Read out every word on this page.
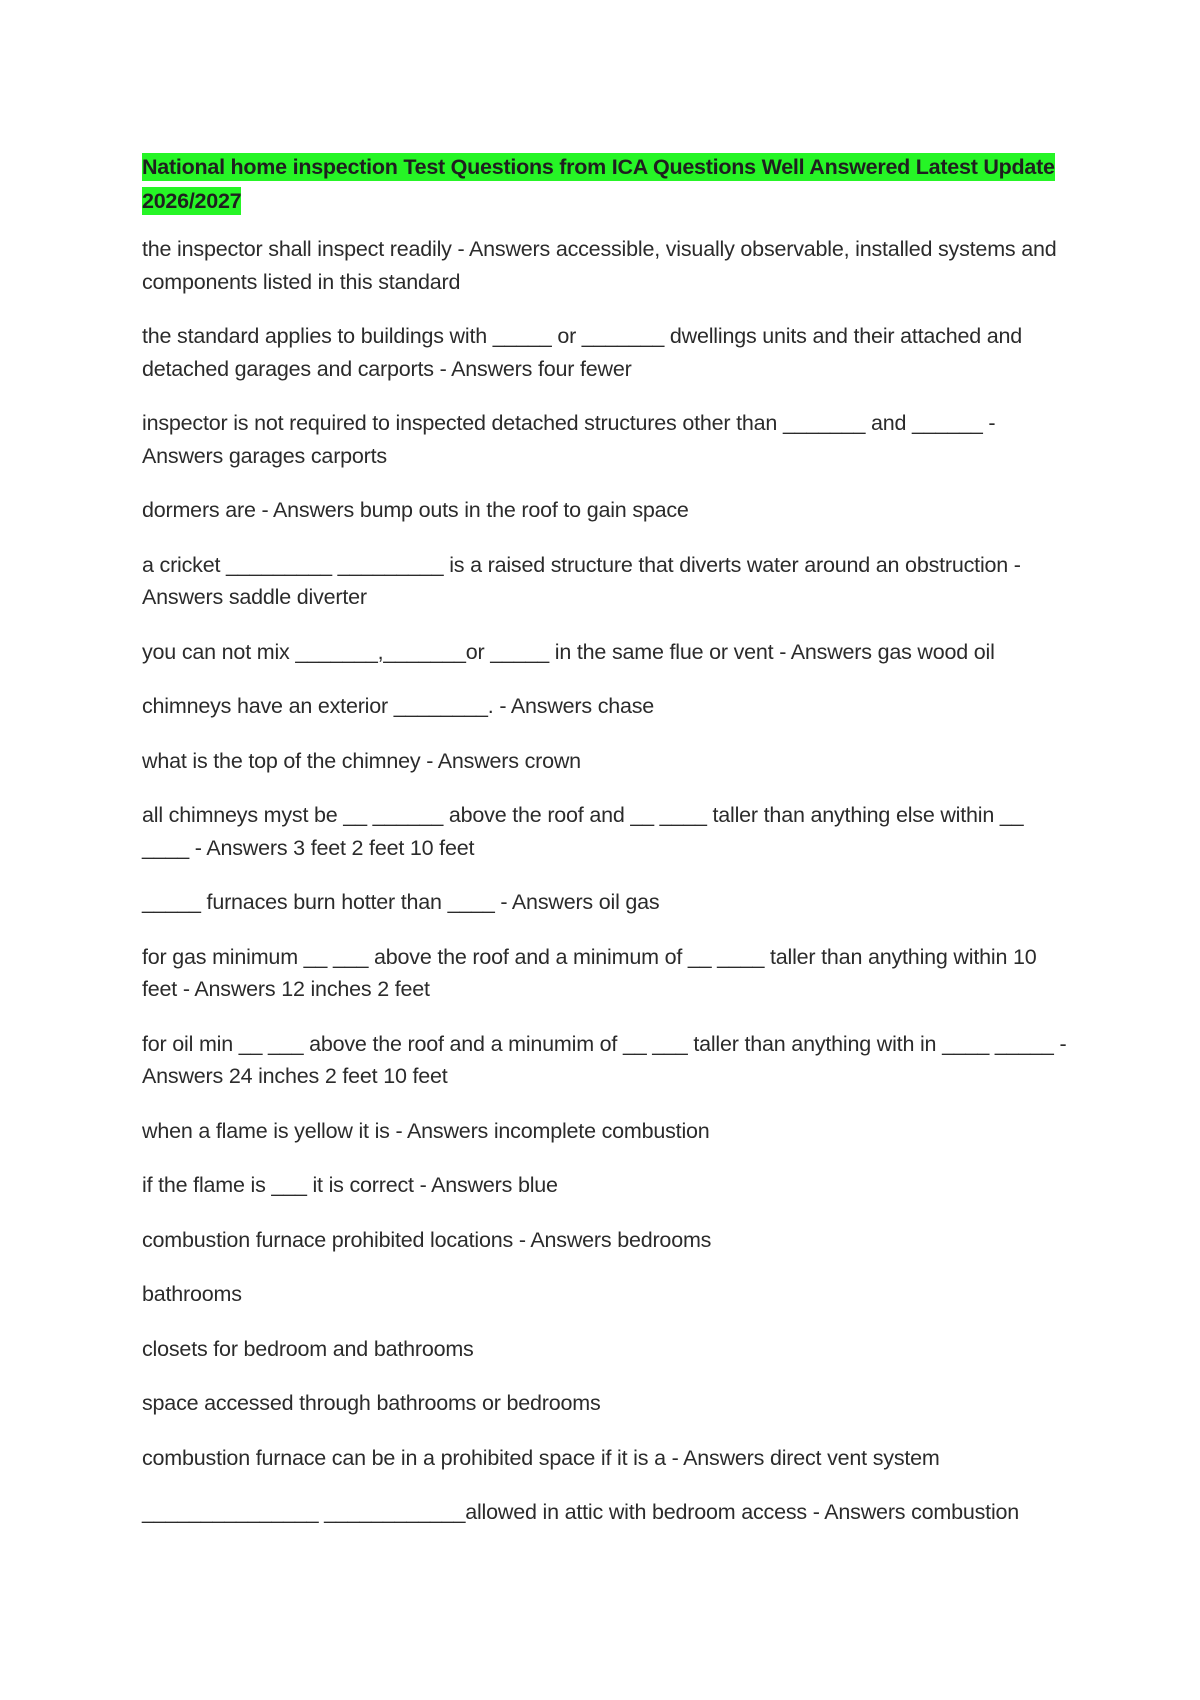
National home inspection Test Questions from ICA Questions Well Answered Latest Update 2026/2027

the inspector shall inspect readily - Answers accessible, visually observable, installed systems and components listed in this standard

the standard applies to buildings with _____ or _______ dwellings units and their attached and detached garages and carports - Answers four fewer

inspector is not required to inspected detached structures other than _______ and ______ - Answers garages carports

dormers are - Answers bump outs in the roof to gain space

a cricket _________ _________ is a raised structure that diverts water around an obstruction - Answers saddle diverter

you can not mix _______,_______or _____ in the same flue or vent - Answers gas wood oil

chimneys have an exterior ________. - Answers chase

what is the top of the chimney - Answers crown

all chimneys myst be __ ______ above the roof and __ ____ taller than anything else within __ ____ - Answers 3 feet 2 feet 10 feet

_____ furnaces burn hotter than ____ - Answers oil gas

for gas minimum __ ___ above the roof and a minimum of __ ____ taller than anything within 10 feet - Answers 12 inches 2 feet

for oil min __ ___ above the roof and a minumim of __ ___ taller than anything with in ____ _____ - Answers 24 inches 2 feet 10 feet

when a flame is yellow it is - Answers incomplete combustion

if the flame is ___ it is correct - Answers blue

combustion furnace prohibited locations - Answers bedrooms

bathrooms

closets for bedroom and bathrooms

space accessed through bathrooms or bedrooms

combustion furnace can be in a prohibited space if it is a - Answers direct vent system

_______________ ____________allowed in attic with bedroom access - Answers combustion
